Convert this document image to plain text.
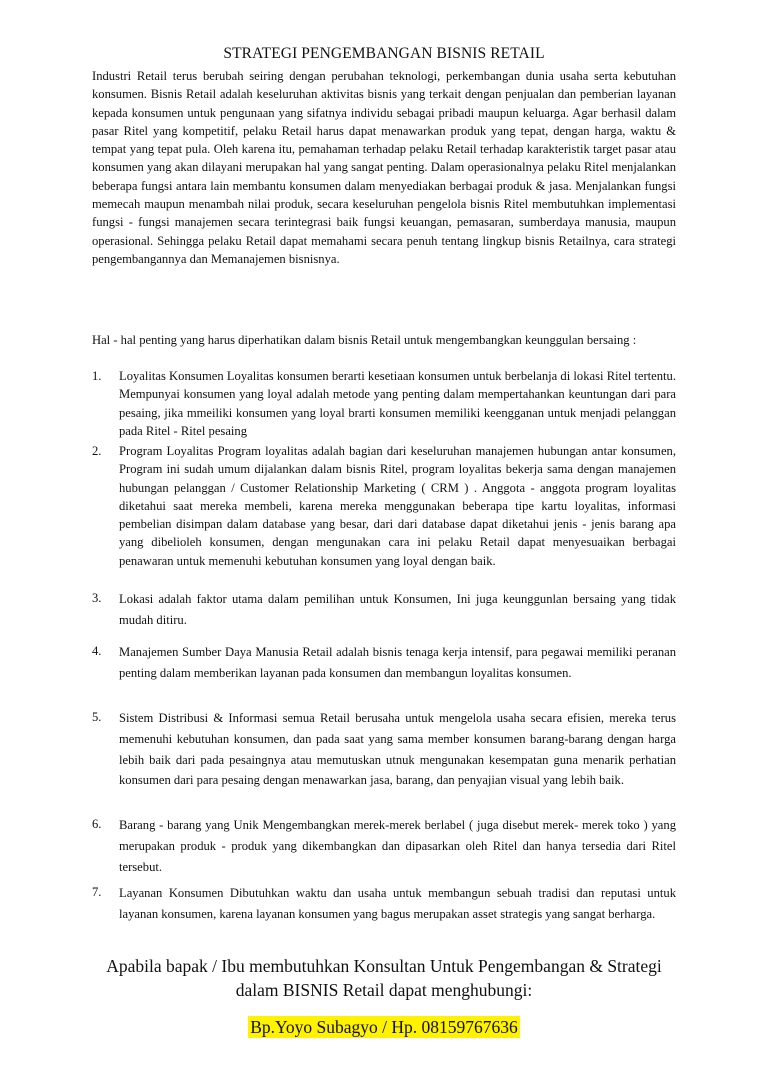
STRATEGI PENGEMBANGAN BISNIS RETAIL
Industri Retail terus berubah seiring dengan perubahan teknologi, perkembangan dunia usaha serta kebutuhan konsumen. Bisnis Retail adalah keseluruhan aktivitas bisnis yang terkait dengan penjualan dan pemberian layanan kepada konsumen untuk pengunaan yang sifatnya individu sebagai pribadi maupun keluarga. Agar berhasil dalam pasar Ritel yang kompetitif, pelaku Retail harus dapat menawarkan produk yang tepat, dengan harga, waktu & tempat yang tepat pula. Oleh karena itu, pemahaman terhadap pelaku Retail terhadap karakteristik target pasar atau konsumen yang akan dilayani merupakan hal yang sangat penting. Dalam operasionalnya pelaku Ritel menjalankan beberapa fungsi antara lain membantu konsumen dalam menyediakan berbagai produk & jasa. Menjalankan fungsi memecah maupun menambah nilai produk, secara keseluruhan pengelola bisnis Ritel membutuhkan implementasi fungsi - fungsi manajemen secara terintegrasi baik fungsi keuangan, pemasaran, sumberdaya manusia, maupun operasional. Sehingga pelaku Retail dapat memahami secara penuh tentang lingkup bisnis Retailnya, cara strategi pengembangannya dan Memanajemen bisnisnya.
Hal - hal penting yang harus diperhatikan dalam bisnis Retail untuk mengembangkan keunggulan bersaing :
1. Loyalitas Konsumen Loyalitas konsumen berarti kesetiaan konsumen untuk berbelanja di lokasi Ritel tertentu. Mempunyai konsumen yang loyal adalah metode yang penting dalam mempertahankan keuntungan dari para pesaing, jika mmeiliki konsumen yang loyal brarti konsumen memiliki keengganan untuk menjadi pelanggan pada Ritel - Ritel pesaing
2. Program Loyalitas Program loyalitas adalah bagian dari keseluruhan manajemen hubungan antar konsumen, Program ini sudah umum dijalankan dalam bisnis Ritel, program loyalitas bekerja sama dengan manajemen hubungan pelanggan / Customer Relationship Marketing ( CRM ) . Anggota - anggota program loyalitas diketahui saat mereka membeli, karena mereka menggunakan beberapa tipe kartu loyalitas, informasi pembelian disimpan dalam database yang besar, dari dari database dapat diketahui jenis - jenis barang apa yang dibelioleh konsumen, dengan mengunakan cara ini pelaku Retail dapat menyesuaikan berbagai penawaran untuk memenuhi kebutuhan konsumen yang loyal dengan baik.
3. Lokasi adalah faktor utama dalam pemilihan untuk Konsumen, Ini juga keunggunlan bersaing yang tidak mudah ditiru.
4. Manajemen Sumber Daya Manusia Retail adalah bisnis tenaga kerja intensif, para pegawai memiliki peranan penting dalam memberikan layanan pada konsumen dan membangun loyalitas konsumen.
5. Sistem Distribusi & Informasi semua Retail berusaha untuk mengelola usaha secara efisien, mereka terus memenuhi kebutuhan konsumen, dan pada saat yang sama member konsumen barang-barang dengan harga lebih baik dari pada pesaingnya atau memutuskan utnuk mengunakan kesempatan guna menarik perhatian konsumen dari para pesaing dengan menawarkan jasa, barang, dan penyajian visual yang lebih baik.
6. Barang - barang yang Unik Mengembangkan merek-merek berlabel ( juga disebut merek- merek toko ) yang merupakan produk - produk yang dikembangkan dan dipasarkan oleh Ritel dan hanya tersedia dari Ritel tersebut.
7. Layanan Konsumen Dibutuhkan waktu dan usaha untuk membangun sebuah tradisi dan reputasi untuk layanan konsumen, karena layanan konsumen yang bagus merupakan asset strategis yang sangat berharga.
Apabila bapak / Ibu membutuhkan Konsultan Untuk Pengembangan & Strategi
dalam BISNIS Retail dapat menghubungi:
Bp.Yoyo Subagyo / Hp. 08159767636
